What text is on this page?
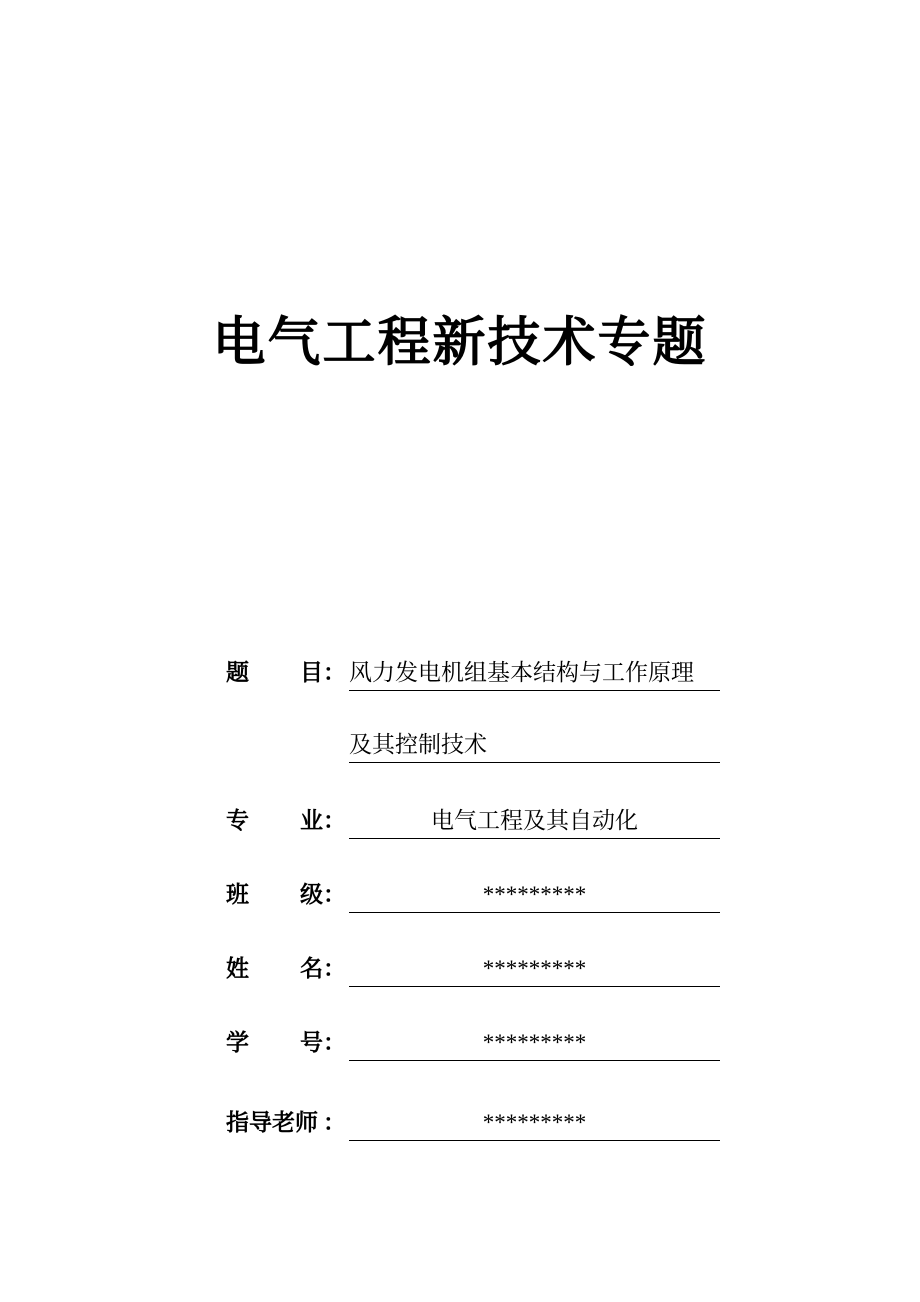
电气工程新技术专题
题 目 ： 风力发电机组基本结构与工作原理
及其控制技术
专 业 ：	电气工程及其自动化
班 级 ：	*********
姓 名 ：	*********
学 号 ：	*********
指导老师 ：	*********
